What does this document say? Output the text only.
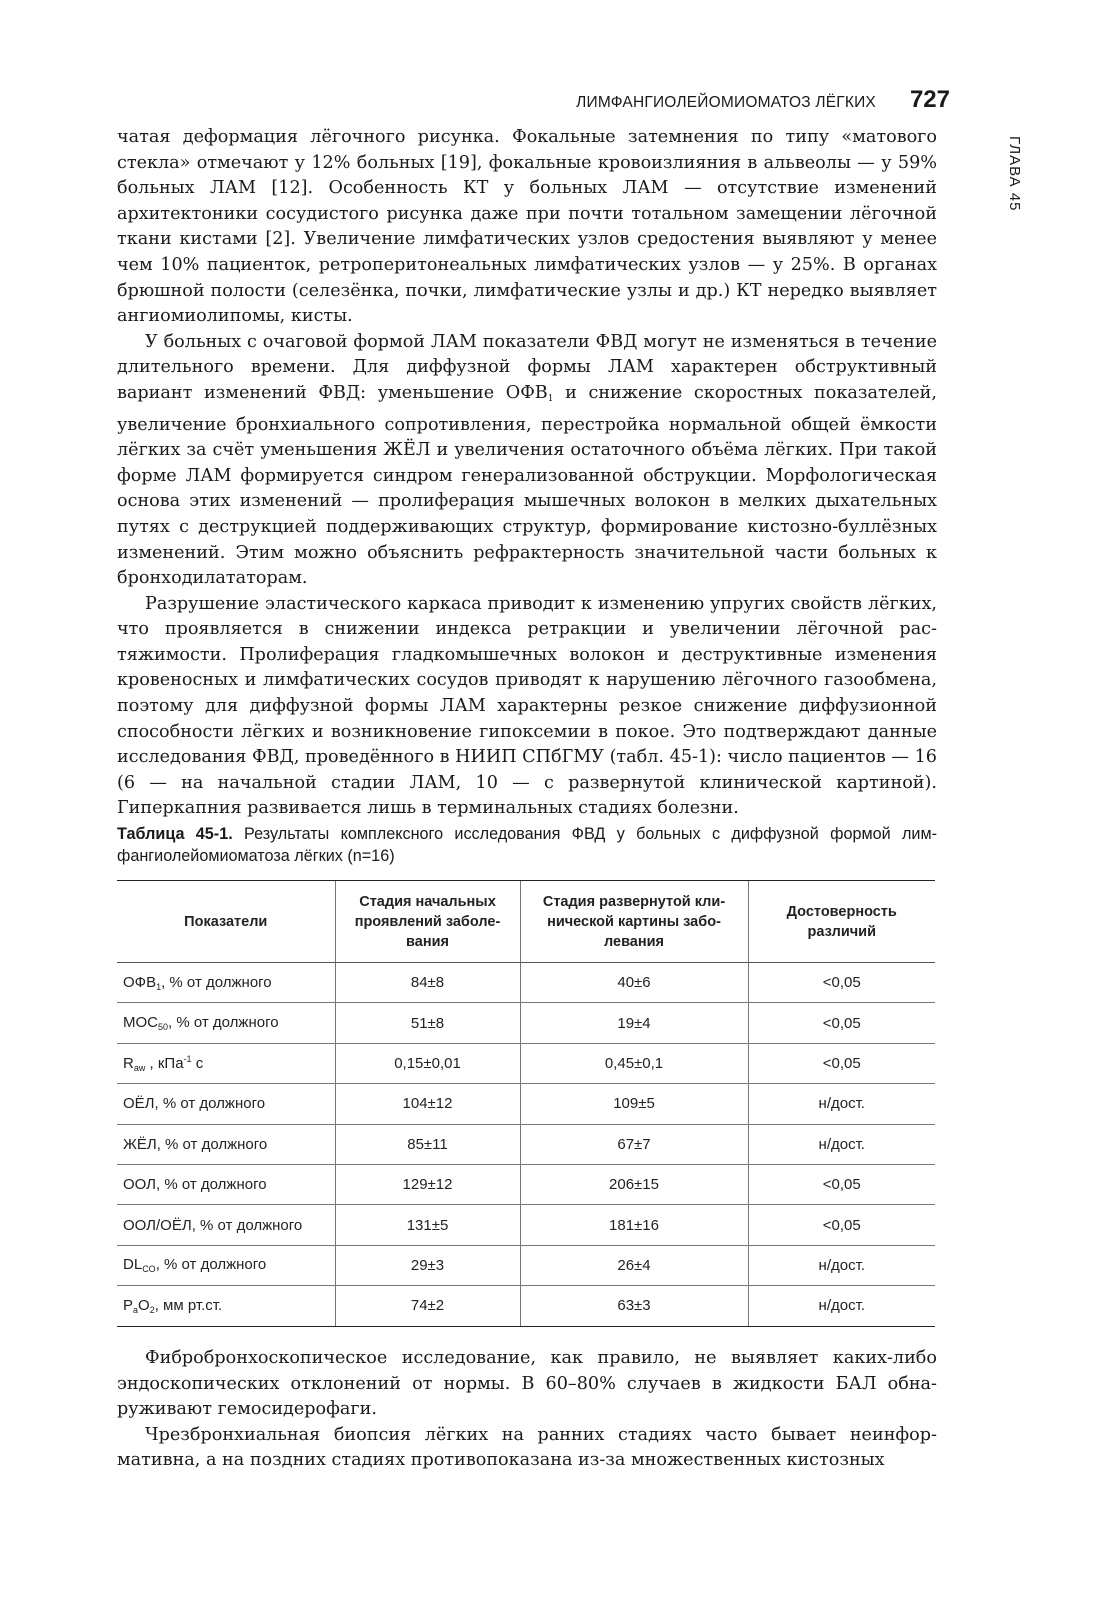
ЛИМФАНГИОЛЕЙОМИОМАТОЗ ЛЁГКИХ 727
ГЛАВА 45

чатая деформация лёгочного рисунка. Фокальные затемнения по типу «матового стекла» отмечают у 12% больных [19], фокальные кровоизлияния в альвеолы — у 59% больных ЛАМ [12]. Особенность КТ у больных ЛАМ — отсутствие изменений архитектоники сосудистого рисунка даже при почти тотальном замещении лёгочной ткани кистами [2]. Увеличение лимфатических узлов средостения выявляют у менее чем 10% пациенток, ретроперитонеальных лимфатических узлов — у 25%. В органах брюшной полости (селезёнка, почки, лимфатические узлы и др.) КТ нередко выявляет ангиомиолипомы, кисты.

У больных с очаговой формой ЛАМ показатели ФВД могут не изменяться в течение длительного времени. Для диффузной формы ЛАМ характерен обструктивный вариант изменений ФВД: уменьшение $ОФВ_1$ и снижение скоростных показателей, увеличение бронхиального сопротивления, перестройка нормальной общей ёмкости лёгких за счёт уменьшения ЖЁЛ и увеличения остаточного объёма лёгких. При такой форме ЛАМ формируется синдром генерализованной обструкции. Морфологическая основа этих изменений — пролиферация мышечных волокон в мелких дыхательных путях с деструкцией поддерживающих структур, формирование кистозно-буллёзных изменений. Этим можно объяснить рефрактерность значительной части больных к бронходилататорам.

Разрушение эластического каркаса приводит к изменению упругих свойств лёгких, что проявляется в снижении индекса ретракции и увеличении лёгочной растяжимости. Пролиферация гладкомышечных волокон и деструктивные изменения кровеносных и лимфатических сосудов приводят к нарушению лёгочного газообмена, поэтому для диффузной формы ЛАМ характерны резкое снижение диффузионной способности лёгких и возникновение гипоксемии в покое. Это подтверждают данные исследования ФВД, проведённого в НИИП СПбГМУ (табл. 45-1): число пациентов — 16 (6 — на начальной стадии ЛАМ, 10 — с развернутой клинической картиной). Гиперкапния развивается лишь в терминальных стадиях болезни.

Таблица 45-1. Результаты комплексного исследования ФВД у больных с диффузной формой лимфангиолейомиоматоза лёгких (n=16)
Показатели	Стадия начальных проявлений заболевания	Стадия развернутой клинической картины заболевания	Достоверность различий
$ОФВ_1$, % от должного	84±8	40±6	<0,05
$МОС_{50}$, % от должного	51±8	19±4	<0,05
$R_{aw}$ , кПа$^{-1}$ с	0,15±0,01	0,45±0,1	<0,05
ОЁЛ, % от должного	104±12	109±5	н/дост.
ЖЁЛ, % от должного	85±11	67±7	н/дост.
ООЛ, % от должного	129±12	206±15	<0,05
ООЛ/ОЁЛ, % от должного	131±5	181±16	<0,05
$DL_{CO}$, % от должного	29±3	26±4	н/дост.
$P_aO_2$, мм рт.ст.	74±2	63±3	н/дост.

Фибробронхоскопическое исследование, как правило, не выявляет каких-либо эндоскопических отклонений от нормы. В 60–80% случаев в жидкости БАЛ обнаруживают гемосидерофаги.

Чрезбронхиальная биопсия лёгких на ранних стадиях часто бывает неинформативна, а на поздних стадиях противопоказана из-за множественных кистозных
